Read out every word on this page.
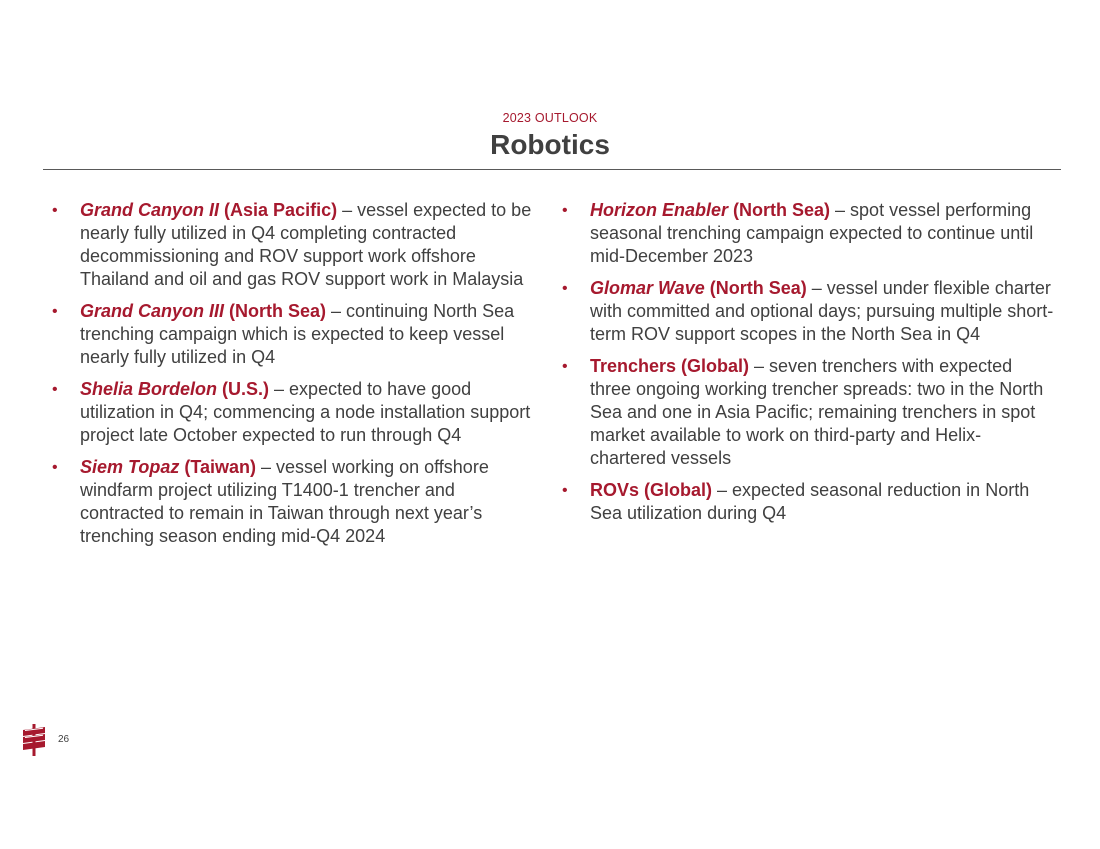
2023 OUTLOOK
Robotics
• Grand Canyon II (Asia Pacific) – vessel expected to be nearly fully utilized in Q4 completing contracted decommissioning and ROV support work offshore Thailand and oil and gas ROV support work in Malaysia
• Grand Canyon III (North Sea) – continuing North Sea trenching campaign which is expected to keep vessel nearly fully utilized in Q4
• Shelia Bordelon (U.S.) – expected to have good utilization in Q4; commencing a node installation support project late October expected to run through Q4
• Siem Topaz (Taiwan) – vessel working on offshore windfarm project utilizing T1400-1 trencher and contracted to remain in Taiwan through next year’s trenching season ending mid-Q4 2024
• Horizon Enabler (North Sea) – spot vessel performing seasonal trenching campaign expected to continue until mid-December 2023
• Glomar Wave (North Sea) – vessel under flexible charter with committed and optional days; pursuing multiple short-term ROV support scopes in the North Sea in Q4
• Trenchers (Global) – seven trenchers with expected three ongoing working trencher spreads: two in the North Sea and one in Asia Pacific; remaining trenchers in spot market available to work on third-party and Helix-chartered vessels
• ROVs (Global) – expected seasonal reduction in North Sea utilization during Q4
26
